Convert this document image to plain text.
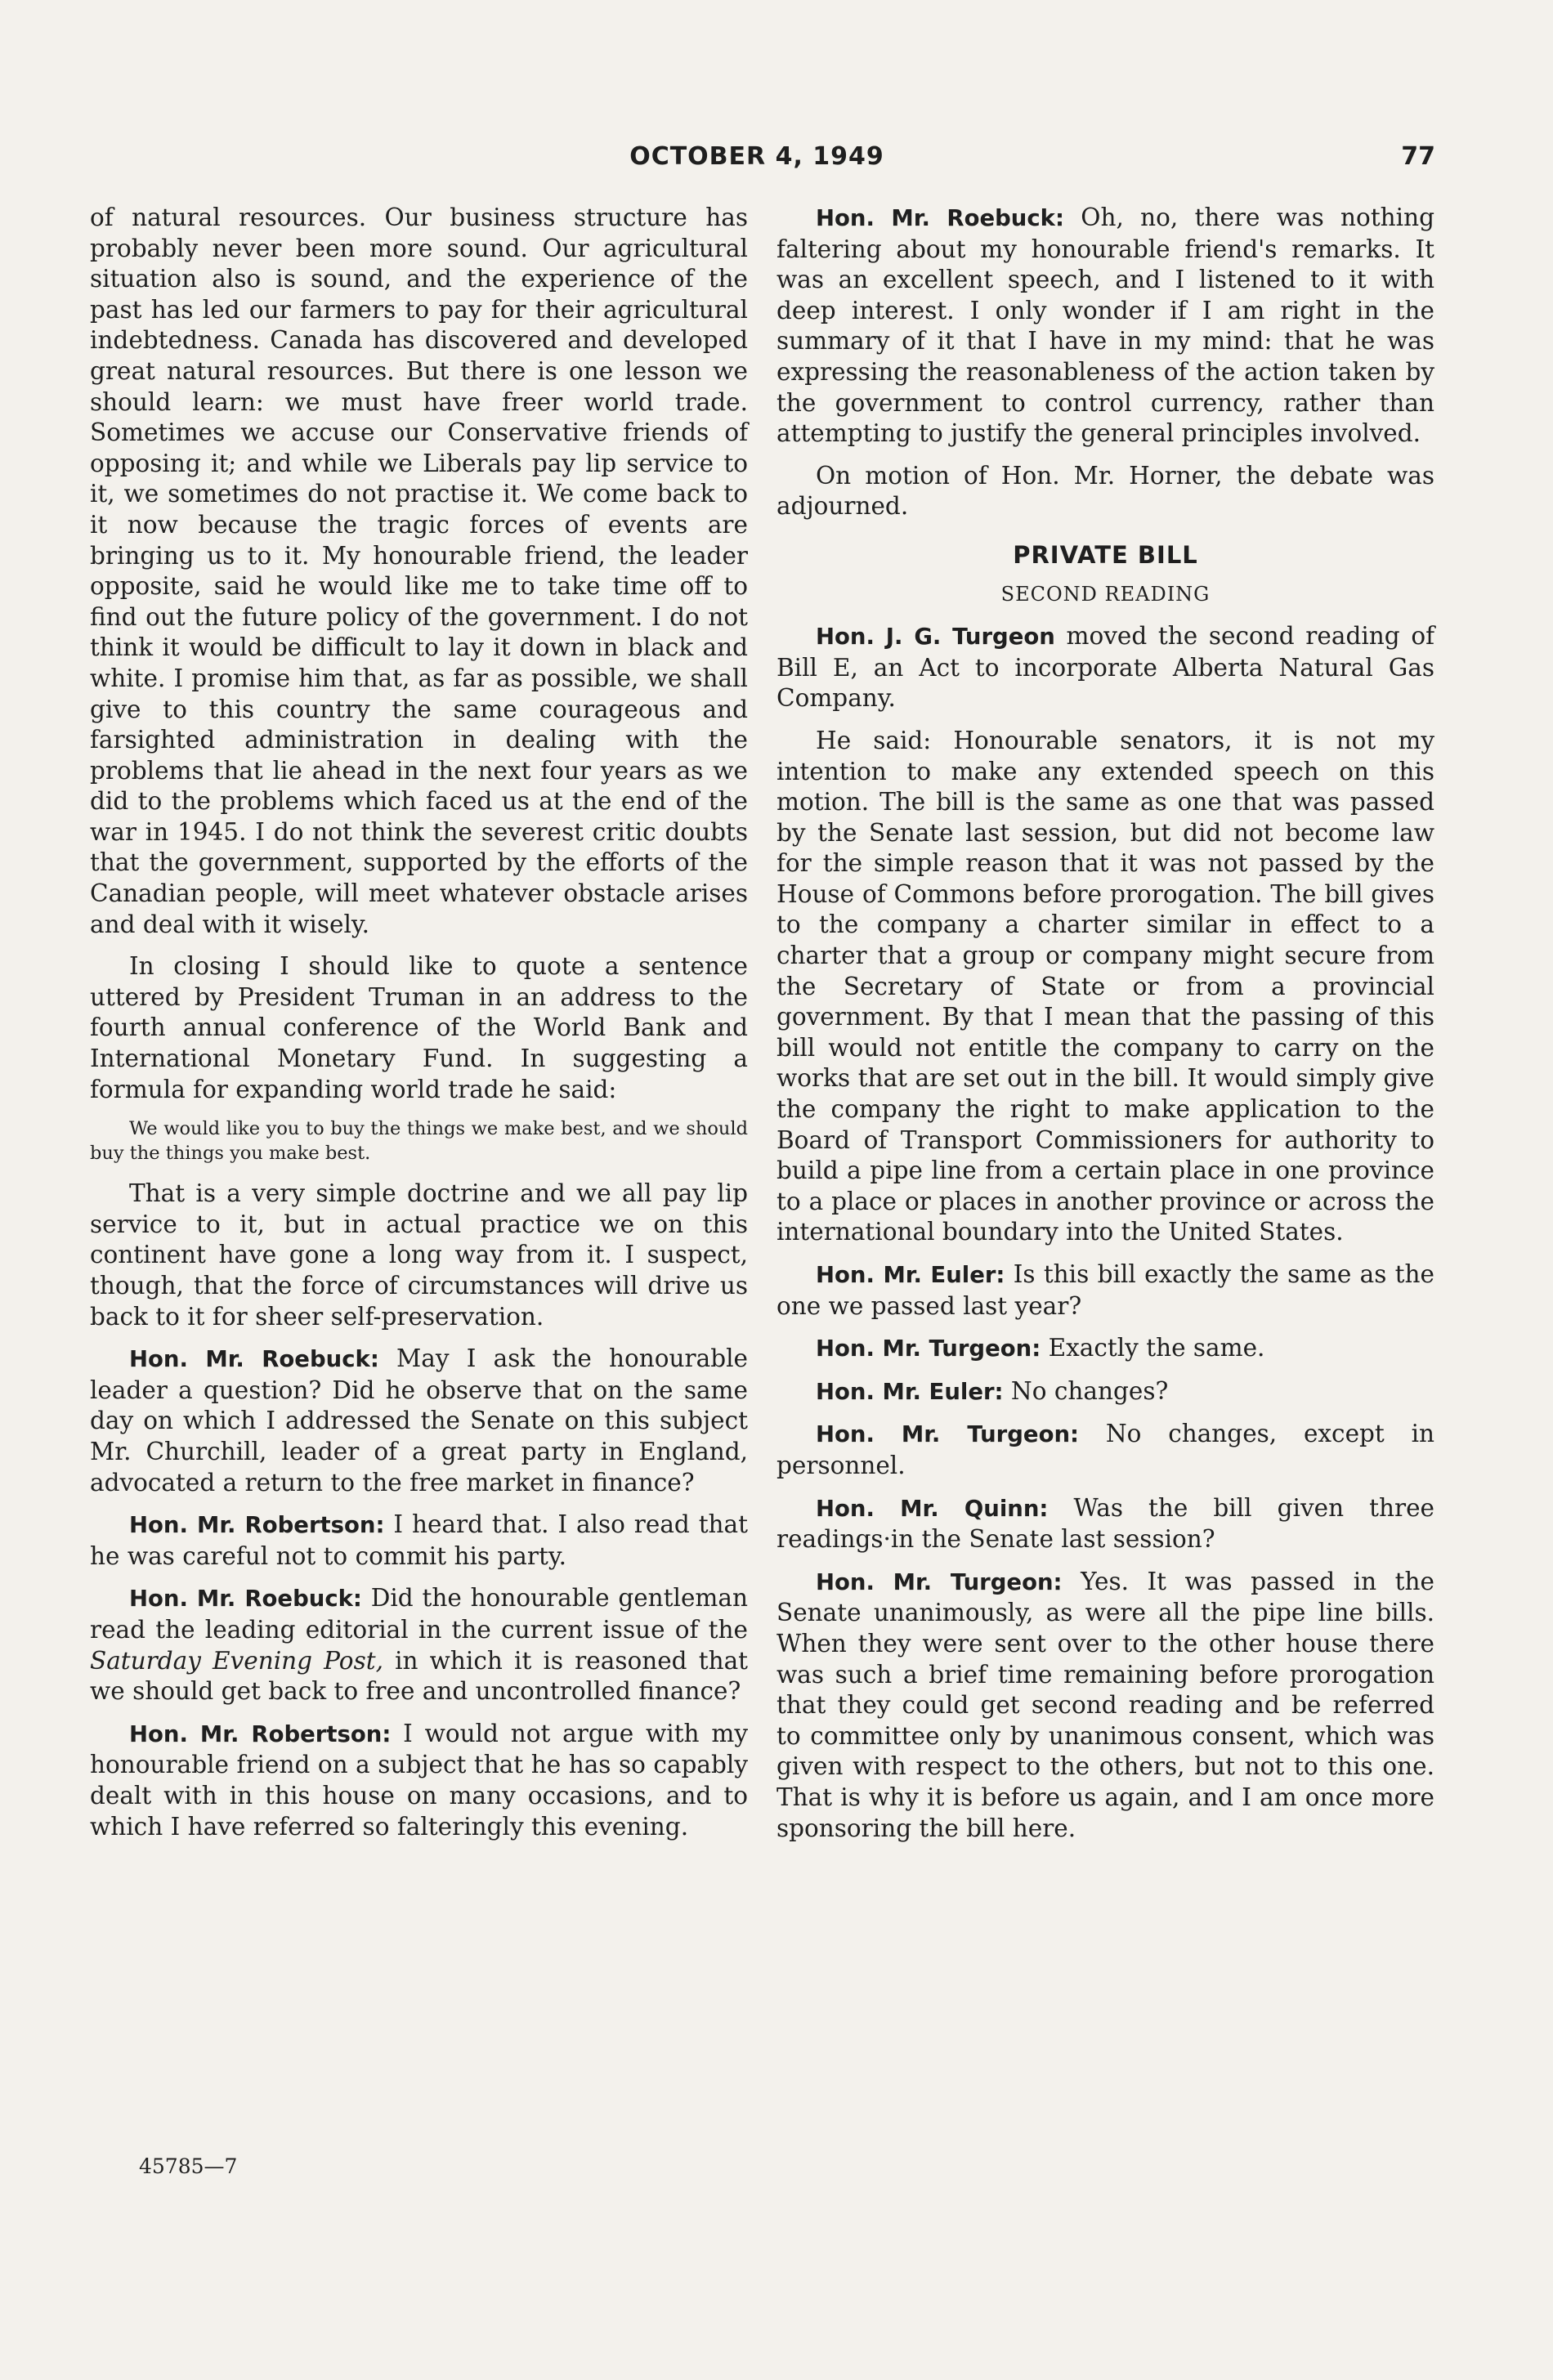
OCTOBER 4, 1949	77

of natural resources. Our business structure has probably never been more sound. Our agricultural situation also is sound, and the experience of the past has led our farmers to pay for their agricultural indebtedness. Canada has discovered and developed great natural resources. But there is one lesson we should learn: we must have freer world trade. Sometimes we accuse our Conservative friends of opposing it; and while we Liberals pay lip service to it, we sometimes do not practise it. We come back to it now because the tragic forces of events are bringing us to it. My honourable friend, the leader opposite, said he would like me to take time off to find out the future policy of the government. I do not think it would be difficult to lay it down in black and white. I promise him that, as far as possible, we shall give to this country the same courageous and farsighted administration in dealing with the problems that lie ahead in the next four years as we did to the problems which faced us at the end of the war in 1945. I do not think the severest critic doubts that the government, supported by the efforts of the Canadian people, will meet whatever obstacle arises and deal with it wisely.

In closing I should like to quote a sentence uttered by President Truman in an address to the fourth annual conference of the World Bank and International Monetary Fund. In suggesting a formula for expanding world trade he said:

We would like you to buy the things we make best, and we should buy the things you make best.

That is a very simple doctrine and we all pay lip service to it, but in actual practice we on this continent have gone a long way from it. I suspect, though, that the force of circumstances will drive us back to it for sheer self-preservation.

Hon. Mr. Roebuck: May I ask the honourable leader a question? Did he observe that on the same day on which I addressed the Senate on this subject Mr. Churchill, leader of a great party in England, advocated a return to the free market in finance?

Hon. Mr. Robertson: I heard that. I also read that he was careful not to commit his party.

Hon. Mr. Roebuck: Did the honourable gentleman read the leading editorial in the current issue of the Saturday Evening Post, in which it is reasoned that we should get back to free and uncontrolled finance?

Hon. Mr. Robertson: I would not argue with my honourable friend on a subject that he has so capably dealt with in this house on many occasions, and to which I have referred so falteringly this evening.

Hon. Mr. Roebuck: Oh, no, there was nothing faltering about my honourable friend's remarks. It was an excellent speech, and I listened to it with deep interest. I only wonder if I am right in the summary of it that I have in my mind: that he was expressing the reasonableness of the action taken by the government to control currency, rather than attempting to justify the general principles involved.

On motion of Hon. Mr. Horner, the debate was adjourned.

PRIVATE BILL
SECOND READING

Hon. J. G. Turgeon moved the second reading of Bill E, an Act to incorporate Alberta Natural Gas Company.

He said: Honourable senators, it is not my intention to make any extended speech on this motion. The bill is the same as one that was passed by the Senate last session, but did not become law for the simple reason that it was not passed by the House of Commons before prorogation. The bill gives to the company a charter similar in effect to a charter that a group or company might secure from the Secretary of State or from a provincial government. By that I mean that the passing of this bill would not entitle the company to carry on the works that are set out in the bill. It would simply give the company the right to make application to the Board of Transport Commissioners for authority to build a pipe line from a certain place in one province to a place or places in another province or across the international boundary into the United States.

Hon. Mr. Euler: Is this bill exactly the same as the one we passed last year?

Hon. Mr. Turgeon: Exactly the same.

Hon. Mr. Euler: No changes?

Hon. Mr. Turgeon: No changes, except in personnel.

Hon. Mr. Quinn: Was the bill given three readings·in the Senate last session?

Hon. Mr. Turgeon: Yes. It was passed in the Senate unanimously, as were all the pipe line bills. When they were sent over to the other house there was such a brief time remaining before prorogation that they could get second reading and be referred to committee only by unanimous consent, which was given with respect to the others, but not to this one. That is why it is before us again, and I am once more sponsoring the bill here.

45785—7
